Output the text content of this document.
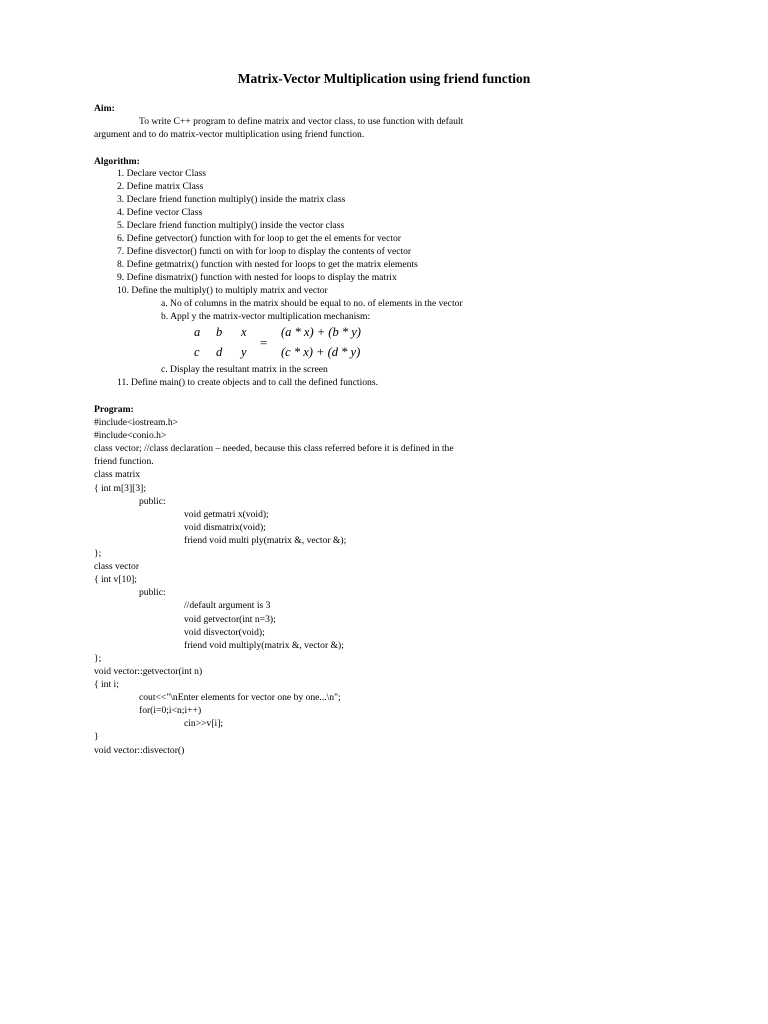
Matrix-Vector Multiplication using friend function
Aim:
To write C++ program to define matrix and vector class, to use function with default
argument and to do matrix-vector multiplication using friend function.
Algorithm:
1. Declare vector Class
2. Define matrix Class
3. Declare friend function multiply() inside the matrix class
4. Define vector Class
5. Declare friend function multiply() inside the vector class
6. Define getvector() function with for loop to get the el ements for vector
7. Define disvector() functi on with for loop to display the contents of vector
8. Define getmatrix() function with nested for loops to get the matrix elements
9. Define dismatrix() function with nested for loops to display the matrix
10. Define the multiply() to multiply matrix and vector
a. No of columns in the matrix should be equal to no. of elements in the vector
b. Appl y the matrix-vector multiplication mechanism:
a b x
c d y
=
(a * x) + (b * y)
(c * x) + (d * y)
c. Display the resultant matrix in the screen
11. Define main() to create objects and to call the defined functions.
Program:
#include<iostream.h>
#include<conio.h>
class vector; //class declaration – needed, because this class referred before it is defined in the
friend function.
class matrix
{ int m[3][3];
public:
void getmatri x(void);
void dismatrix(void);
friend void multi ply(matrix &, vector &);
};
class vector
{ int v[10];
public:
//default argument is 3
void getvector(int n=3);
void disvector(void);
friend void multiply(matrix &, vector &);
};
void vector::getvector(int n)
{ int i;
cout<<"\nEnter elements for vector one by one...\n";
for(i=0;i<n;i++)
cin>>v[i];
}
void vector::disvector()
